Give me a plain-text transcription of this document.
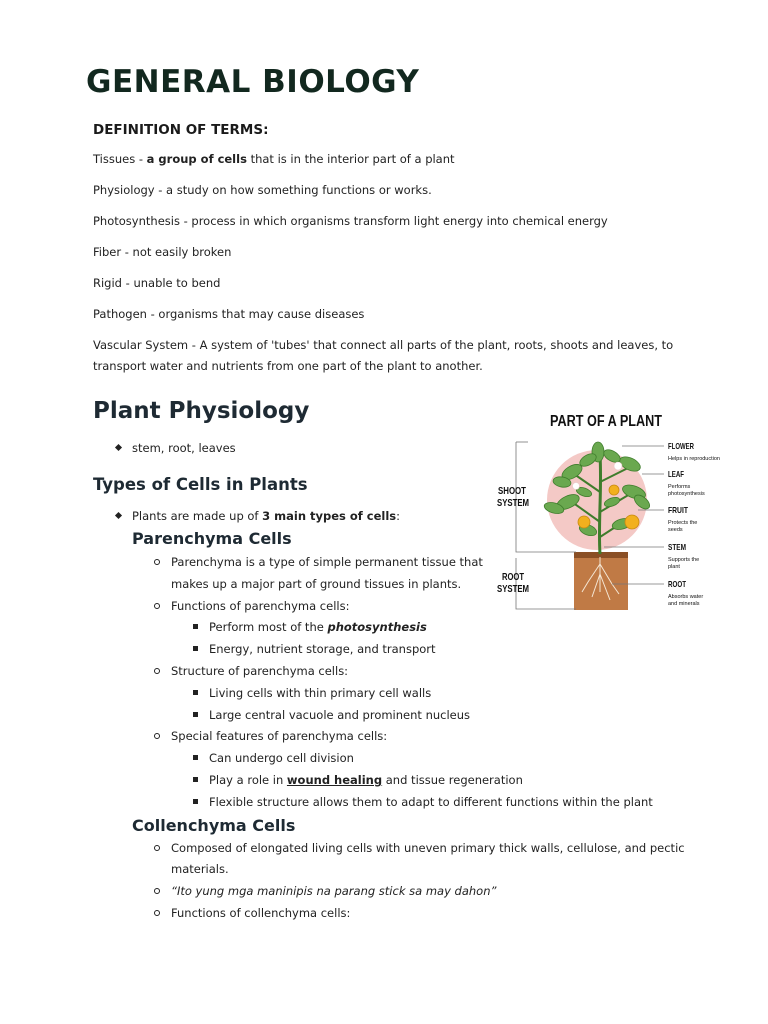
GENERAL BIOLOGY
DEFINITION OF TERMS:
Tissues - a group of cells that is in the interior part of a plant
Physiology - a study on how something functions or works.
Photosynthesis - process in which organisms transform light energy into chemical energy
Fiber - not easily broken
Rigid - unable to bend
Pathogen - organisms that may cause diseases
Vascular System - A system of 'tubes' that connect all parts of the plant, roots, shoots and leaves, to
transport water and nutrients from one part of the plant to another.
Plant Physiology
stem, root, leaves
Types of Cells in Plants
Plants are made up of 3 main types of cells:
Parenchyma Cells
Parenchyma is a type of simple permanent tissue that
makes up a major part of ground tissues in plants.
Functions of parenchyma cells:
Perform most of the photosynthesis
Energy, nutrient storage, and transport
Structure of parenchyma cells:
Living cells with thin primary cell walls
Large central vacuole and prominent nucleus
Special features of parenchyma cells:
Can undergo cell division
Play a role in wound healing and tissue regeneration
Flexible structure allows them to adapt to different functions within the plant
Collenchyma Cells
Composed of elongated living cells with uneven primary thick walls, cellulose, and pectic
materials.
“Ito yung mga maninipis na parang stick sa may dahon”
Functions of collenchyma cells:
PART OF A PLANT
SHOOT
SYSTEM
ROOT
SYSTEM
FLOWER
Helps in reproduction
LEAF
Performs
photosynthesis
FRUIT
Protects the
seeds
STEM
Supports the
plant
ROOT
Absorbs water
and minerals
